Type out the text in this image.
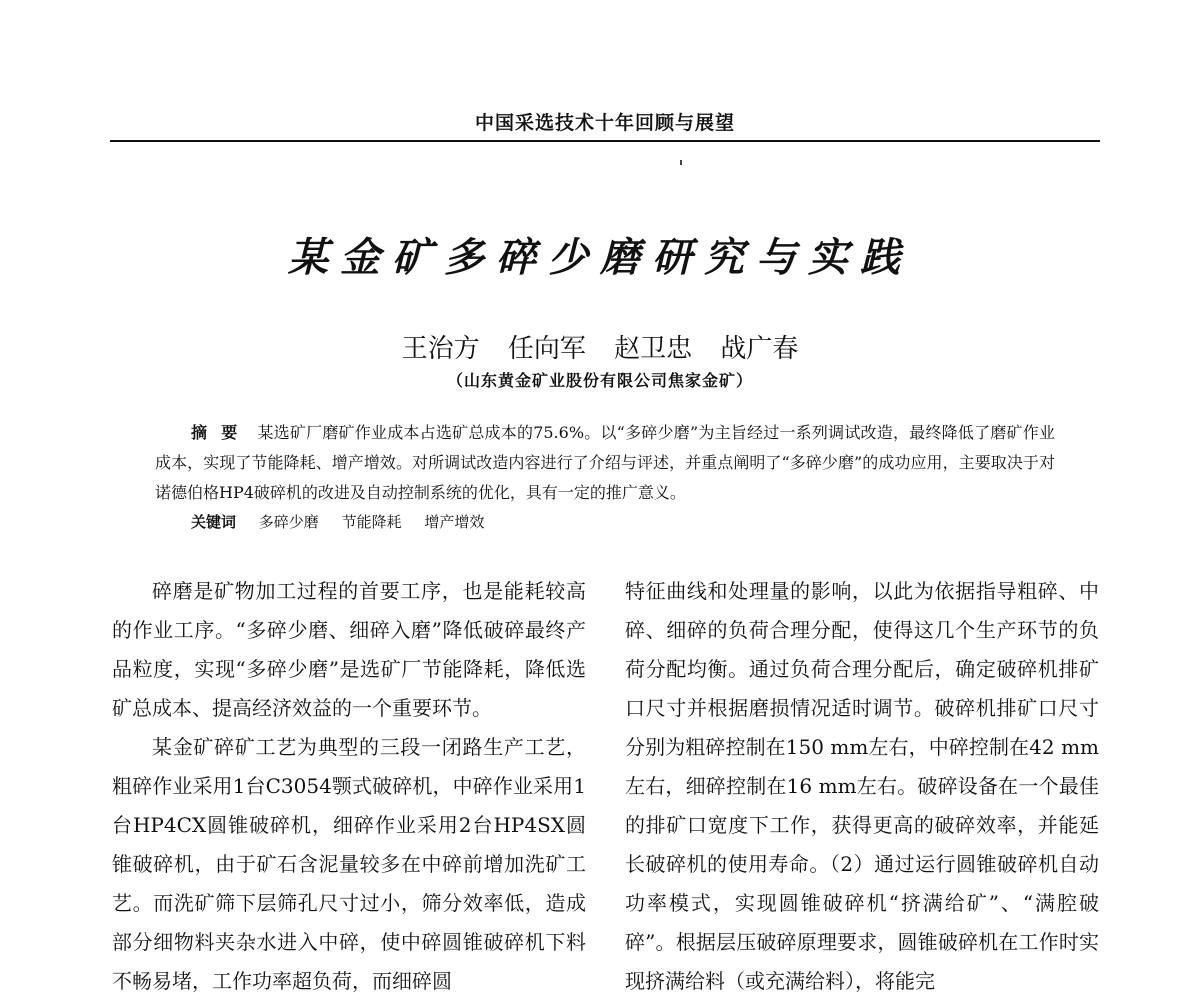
中国采选技术十年回顾与展望
某金矿多碎少磨研究与实践
王治方 任向军 赵卫忠 战广春
（山东黄金矿业股份有限公司焦家金矿）
摘要 某选矿厂磨矿作业成本占选矿总成本的75.6%。以“多碎少磨”为主旨经过一系列调试改造，最终降低了磨矿作业成本，实现了节能降耗、增产增效。对所调试改造内容进行了介绍与评述，并重点阐明了“多碎少磨”的成功应用，主要取决于对诺德伯格HP4破碎机的改进及自动控制系统的优化，具有一定的推广意义。
关键词 多碎少磨 节能降耗 增产增效

碎磨是矿物加工过程的首要工序，也是能耗较高的作业工序。“多碎少磨、细碎入磨”降低破碎最终产品粒度，实现“多碎少磨”是选矿厂节能降耗，降低选矿总成本、提高经济效益的一个重要环节。

某金矿碎矿工艺为典型的三段一闭路生产工艺，粗碎作业采用1台C3054颚式破碎机，中碎作业采用1台HP4CX圆锥破碎机，细碎作业采用2台HP4SX圆锥破碎机，由于矿石含泥量较多在中碎前增加洗矿工艺。而洗矿筛下层筛孔尺寸过小，筛分效率低，造成部分细物料夹杂水进入中碎，使中碎圆锥破碎机下料不畅易堵，工作功率超负荷，而细碎圆

特征曲线和处理量的影响，以此为依据指导粗碎、中碎、细碎的负荷合理分配，使得这几个生产环节的负荷分配均衡。通过负荷合理分配后，确定破碎机排矿口尺寸并根据磨损情况适时调节。破碎机排矿口尺寸分别为粗碎控制在150 mm左右，中碎控制在42 mm左右，细碎控制在16 mm左右。破碎设备在一个最佳的排矿口宽度下工作，获得更高的破碎效率，并能延长破碎机的使用寿命。（2）通过运行圆锥破碎机自动功率模式，实现圆锥破碎机“挤满给矿”、“满腔破碎”。根据层压破碎原理要求，圆锥破碎机在工作时实现挤满给料（或充满给料），将能完
